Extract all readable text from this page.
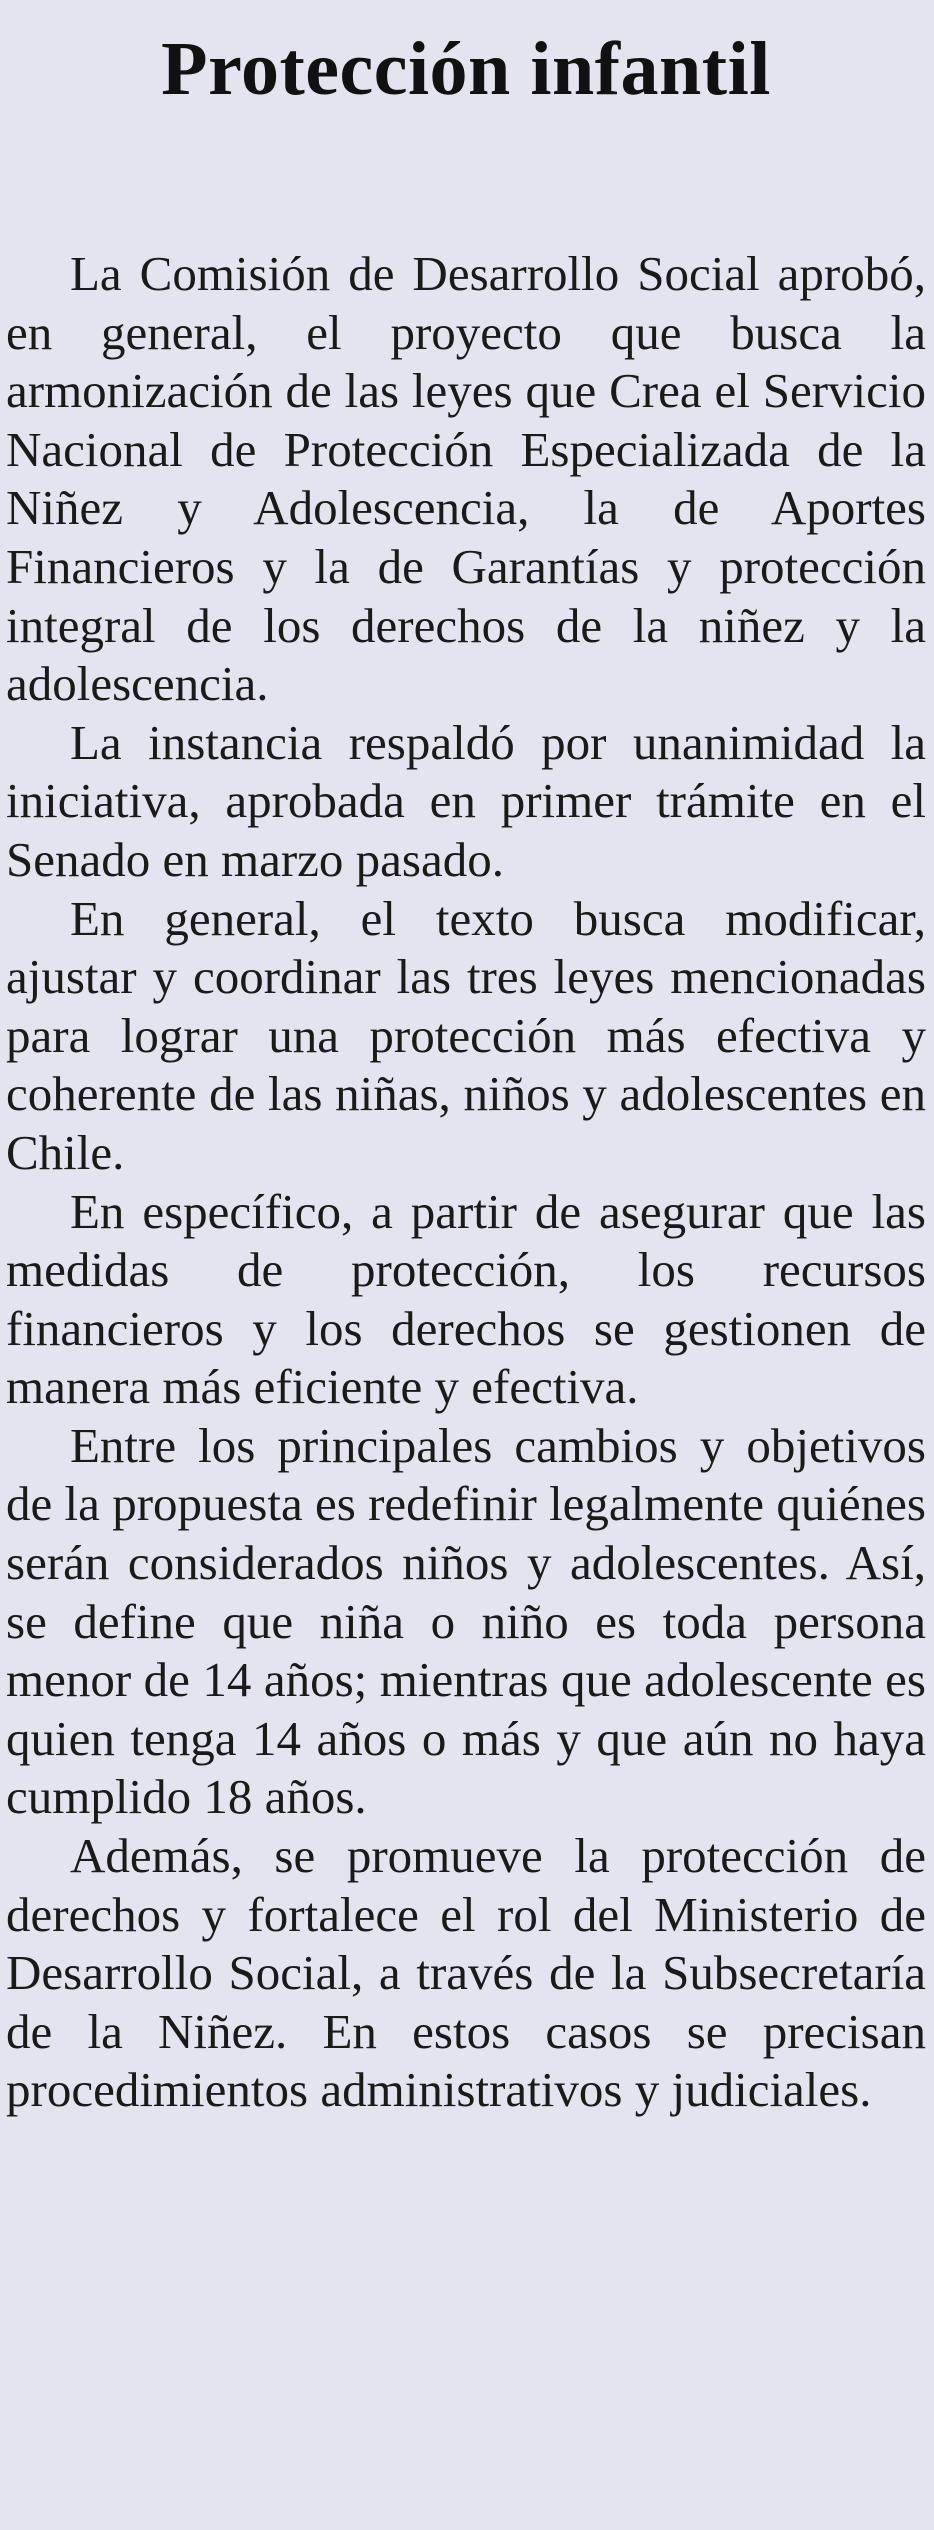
Protección infantil

La Comisión de Desarrollo Social aprobó, en general, el proyecto que busca la armonización de las leyes que Crea el Servicio Nacional de Protección Especializada de la Niñez y Adolescencia, la de Aportes Financieros y la de Garantías y protección integral de los derechos de la niñez y la adolescencia.

La instancia respaldó por unanimidad la iniciativa, aprobada en primer trámite en el Senado en marzo pasado.

En general, el texto busca modificar, ajustar y coordinar las tres leyes mencionadas para lograr una protección más efectiva y coherente de las niñas, niños y adolescentes en Chile.

En específico, a partir de asegurar que las medidas de protección, los recursos financieros y los derechos se gestionen de manera más eficiente y efectiva.

Entre los principales cambios y objetivos de la propuesta es redefinir legalmente quiénes serán considerados niños y adolescentes. Así, se define que niña o niño es toda persona menor de 14 años; mientras que adolescente es quien tenga 14 años o más y que aún no haya cumplido 18 años.

Además, se promueve la protección de derechos y fortalece el rol del Ministerio de Desarrollo Social, a través de la Subsecretaría de la Niñez. En estos casos se precisan procedimientos administrativos y judiciales.
